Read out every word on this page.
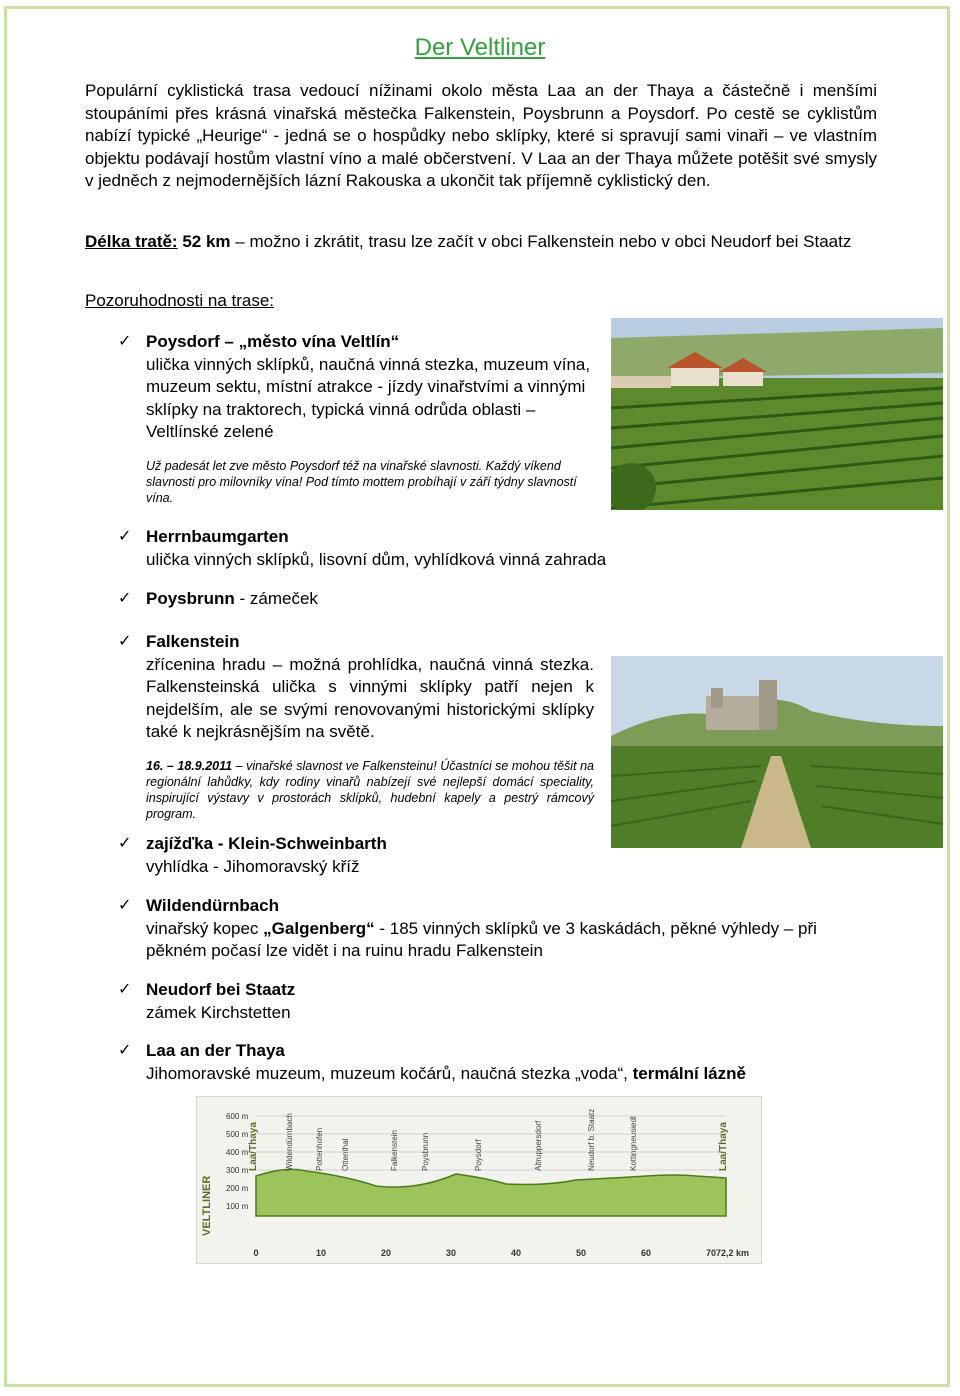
Der Veltliner
Populární cyklistická trasa vedoucí nížinami okolo města Laa an der Thaya a částečně i menšími stoupáními přes krásná vinařská městečka Falkenstein, Poysbrunn a Poysdorf. Po cestě se cyklistům nabízí typické „Heurige“ - jedná se o hospůdky nebo sklípky, které si spravují sami vinaři – ve vlastním objektu podávají hostům vlastní víno a malé občerstvení. V Laa an der Thaya můžete potěšit své smysly v jedněch z nejmodernějších lázní Rakouska a ukončit tak příjemně cyklistický den.
Délka tratě: 52 km – možno i zkrátit, trasu lze začít v obci Falkenstein nebo v obci Neudorf bei Staatz
Pozoruhodnosti na trase:
✓ Poysdorf – „město vína Veltlín“
ulička vinných sklípků, naučná vinná stezka, muzeum vína, muzeum sektu, místní atrakce - jízdy vinařstvími a vinnými sklípky na traktorech, typická vinná odrůda oblasti – Veltlínské zelené
Už padesát let zve město Poysdorf též na vinařské slavnosti. Každý víkend slavnosti pro milovníky vína! Pod tímto mottem probíhají v září týdny slavností vína.
✓ Herrnbaumgarten
ulička vinných sklípků, lisovní dům, vyhlídková vinná zahrada
✓ Poysbrunn - zámeček
✓ Falkenstein
zřícenina hradu – možná prohlídka, naučná vinná stezka. Falkensteinská ulička s vinnými sklípky patří nejen k nejdelším, ale se svými renovovanými historickými sklípky také k nejkrásnějším na světě.
16. – 18.9.2011 – vinařské slavnost ve Falkensteinu! Účastníci se mohou těšit na regionální lahůdky, kdy rodiny vinařů nabízejí své nejlepší domácí speciality, inspirující výstavy v prostorách sklípků, hudební kapely a pestrý rámcový program.
✓ zajížďka - Klein-Schweinbarth
vyhlídka - Jihomoravský kříž
✓ Wildendürnbach
vinařský kopec „Galgenberg“ - 185 vinných sklípků ve 3 kaskádách, pěkné výhledy – při pěkném počasí lze vidět i na ruinu hradu Falkenstein
✓ Neudorf bei Staatz
zámek Kirchstetten
✓ Laa an der Thaya
Jihomoravské muzeum, muzeum kočárů, naučná stezka „voda“, termální lázně
VELTLINER
600 m
500 m
400 m
300 m
200 m
100 m
0	10	20	30	40	50	60	70
Laa/Thaya	Wildendürnbach	Pottenhofen Ottenthal	Falkenstein	Poysbrunn	Poysdorf	Altruppersdorf	Neudorf b. Staatz	Kottingneusiedl	Laa/Thaya
72,2 km
